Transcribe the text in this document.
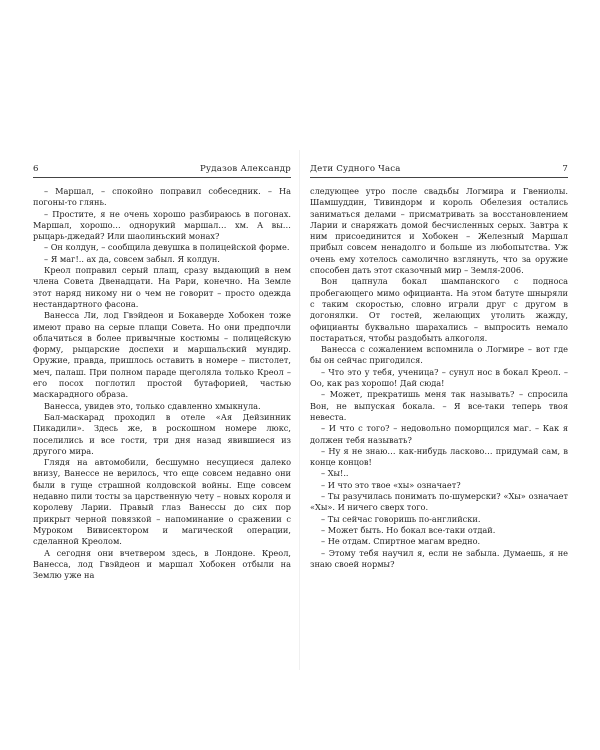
6	Рудазов Александр

– Маршал, – спокойно поправил собеседник. – На погоны-то глянь.

– Простите, я не очень хорошо разбираюсь в погонах. Маршал, хорошо… однорукий маршал… хм. А вы… рыцарь-джедай? Или шаолиньский монах?

– Он колдун, – сообщила девушка в полицейской форме.

– Я маг!.. ах да, совсем забыл. Я колдун.

Креол поправил серый плащ, сразу выдающий в нем члена Совета Двенадцати. На Рари, конечно. На Земле этот наряд никому ни о чем не говорит – просто одежда нестандартного фасона.

Ванесса Ли, лод Гвэйдеон и Бокаверде Хобокен тоже имеют право на серые плащи Совета. Но они предпочли облачиться в более привычные костюмы – полицейскую форму, рыцарские доспехи и маршальский мундир. Оружие, правда, пришлось оставить в номере – пистолет, меч, палаш. При полном параде щеголяла только Креол – его посох поглотил простой бутафорией, частью маскарадного образа.

Ванесса, увидев это, только сдавленно хмыкнула.

Бал-маскарад проходил в отеле «Ая Дейзинник Пикадили». Здесь же, в роскошном номере люкс, поселились и все гости, три дня назад явившиеся из другого мира.

Глядя на автомобили, бесшумно несущиеся далеко внизу, Ванессе не верилось, что еще совсем недавно они были в гуще страшной колдовской войны. Еще совсем недавно пили тосты за царственную чету – новых короля и королеву Ларии. Правый глаз Ванессы до сих пор прикрыт черной повязкой – напоминание о сражении с Муроком Вивисектором и магической операции, сделанной Креолом.

А сегодня они вчетвером здесь, в Лондоне. Креол, Ванесса, лод Гвэйдеон и маршал Хобокен отбыли на Землю уже на

Дети Судного Часа	7

следующее утро после свадьбы Логмира и Гвениолы. Шамшуддин, Тивиндорм и король Обелезия остались заниматься делами – присматривать за восстановлением Ларии и снаряжать домой бесчисленных серых. Завтра к ним присоединится и Хобокен – Железный Маршал прибыл совсем ненадолго и больше из любопытства. Уж очень ему хотелось самолично взглянуть, что за оружие способен дать этот сказочный мир – Земля-2006.

Вон цапнула бокал шампанского с подноса пробегающего мимо официанта. На этом батуте шныряли с таким скоростью, словно играли друг с другом в догонялки. От гостей, желающих утолить жажду, официанты буквально шарахались – выпросить немало постараться, чтобы раздобыть алкоголя.

Ванесса с сожалением вспомнила о Логмире – вот где бы он сейчас пригодился.

– Что это у тебя, ученица? – сунул нос в бокал Креол. – Оо, как раз хорошо! Дай сюда!

– Может, прекратишь меня так называть? – спросила Вон, не выпуская бокала. – Я все-таки теперь твоя невеста.

– И что с того? – недовольно поморщился маг. – Как я должен тебя называть?

– Ну я не знаю… как-нибудь ласково… придумай сам, в конце концов!

– Хы!..

– И что это твое «хы» означает?

– Ты разучилась понимать по-шумерски? «Хы» означает «Хы». И ничего сверх того.

– Ты сейчас говоришь по-английски.

– Может быть. Но бокал все-таки отдай.

– Не отдам. Спиртное магам вредно.

– Этому тебя научил я, если не забыла. Думаешь, я не знаю своей нормы?
